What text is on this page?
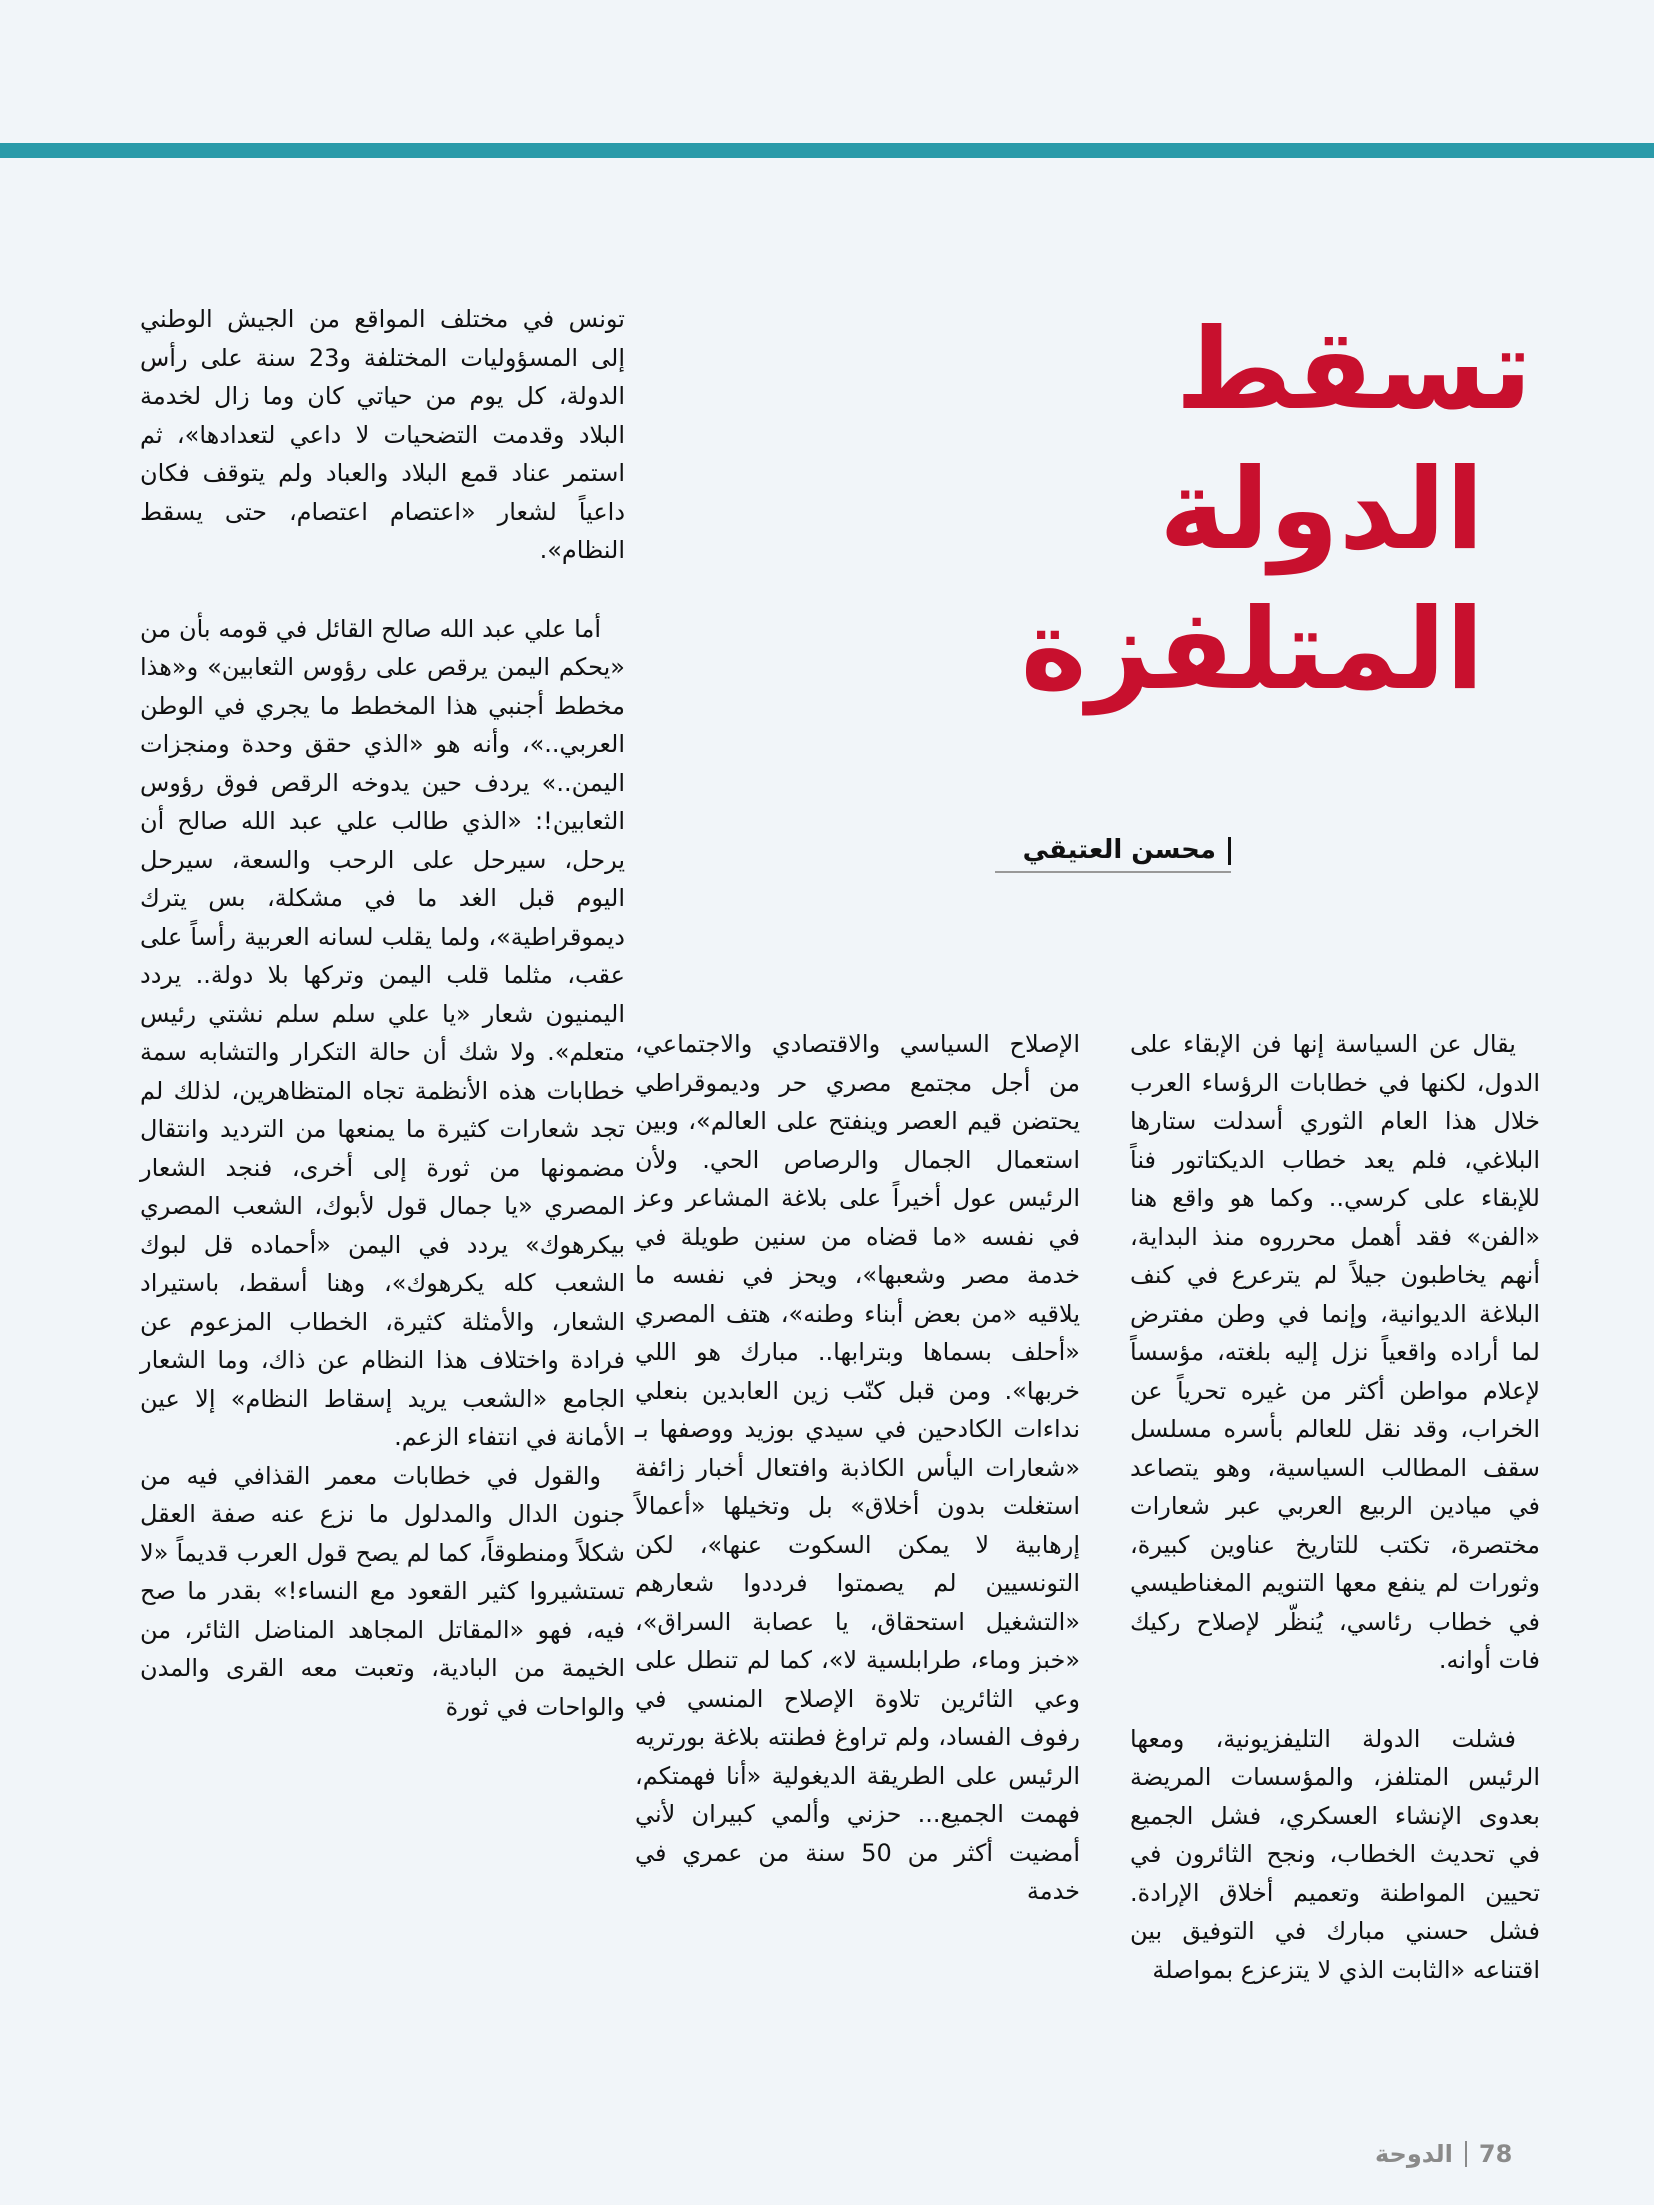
تسقط
الدولة المتلفزة
محسن العتيقي

يقال عن السياسة إنها فن الإبقاء على الدول، لكنها في خطابات الرؤساء العرب خلال هذا العام الثوري أسدلت ستارها البلاغي، فلم يعد خطاب الديكتاتور فناً للإبقاء على كرسي.. وكما هو واقع هنا «الفن» فقد أهمل محرروه منذ البداية، أنهم يخاطبون جيلاً لم يترعرع في كنف البلاغة الديوانية، وإنما في وطن مفترض لما أراده واقعياً نزل إليه بلغته، مؤسساً لإعلام مواطن أكثر من غيره تحرياً عن الخراب، وقد نقل للعالم بأسره مسلسل سقف المطالب السياسية، وهو يتصاعد في ميادين الربيع العربي عبر شعارات مختصرة، تكتب للتاريخ عناوين كبيرة، وثورات لم ينفع معها التنويم المغناطيسي في خطاب رئاسي، يُنظّر لإصلاح ركيك فات أوانه.

فشلت الدولة التليفزيونية، ومعها الرئيس المتلفز، والمؤسسات المريضة بعدوى الإنشاء العسكري، فشل الجميع في تحديث الخطاب، ونجح الثائرون في تحيين المواطنة وتعميم أخلاق الإرادة. فشل حسني مبارك في التوفيق بين اقتناعه «الثابت الذي لا يتزعزع بمواصلة

الإصلاح السياسي والاقتصادي والاجتماعي، من أجل مجتمع مصري حر وديموقراطي يحتضن قيم العصر وينفتح على العالم»، وبين استعمال الجمال والرصاص الحي. ولأن الرئيس عول أخيراً على بلاغة المشاعر وعز في نفسه «ما قضاه من سنين طويلة في خدمة مصر وشعبها»، ويحز في نفسه ما يلاقيه «من بعض أبناء وطنه»، هتف المصري «أحلف بسماها وبترابها.. مبارك هو اللي خربها». ومن قبل كنّب زين العابدين بنعلي نداءات الكادحين في سيدي بوزيد ووصفها بـ «شعارات اليأس الكاذبة وافتعال أخبار زائفة استغلت بدون أخلاق» بل وتخيلها «أعمالاً إرهابية لا يمكن السكوت عنها»، لكن التونسيين لم يصمتوا فرددوا شعارهم «التشغيل استحقاق، يا عصابة السراق»، «خبز وماء، طرابلسية لا»، كما لم تنطل على وعي الثائرين تلاوة الإصلاح المنسي في رفوف الفساد، ولم تراوغ فطنته بلاغة بورتريه الرئيس على الطريقة الديغولية «أنا فهمتكم، فهمت الجميع... حزني وألمي كبيران لأني أمضيت أكثر من 50 سنة من عمري في خدمة

تونس في مختلف المواقع من الجيش الوطني إلى المسؤوليات المختلفة و23 سنة على رأس الدولة، كل يوم من حياتي كان وما زال لخدمة البلاد وقدمت التضحيات لا داعي لتعدادها»، ثم استمر عناد قمع البلاد والعباد ولم يتوقف فكان داعياً لشعار «اعتصام اعتصام، حتى يسقط النظام».

أما علي عبد الله صالح القائل في قومه بأن من «يحكم اليمن يرقص على رؤوس الثعابين» و«هذا مخطط أجنبي هذا المخطط ما يجري في الوطن العربي..»، وأنه هو «الذي حقق وحدة ومنجزات اليمن..» يردف حين يدوخه الرقص فوق رؤوس الثعابين!: «الذي طالب علي عبد الله صالح أن يرحل، سيرحل على الرحب والسعة، سيرحل اليوم قبل الغد ما في مشكلة، بس يترك ديموقراطية»، ولما يقلب لسانه العربية رأساً على عقب، مثلما قلب اليمن وتركها بلا دولة.. يردد اليمنيون شعار «يا علي سلم سلم نشتي رئيس متعلم». ولا شك أن حالة التكرار والتشابه سمة خطابات هذه الأنظمة تجاه المتظاهرين، لذلك لم تجد شعارات كثيرة ما يمنعها من الترديد وانتقال مضمونها من ثورة إلى أخرى، فنجد الشعار المصري «يا جمال قول لأبوك، الشعب المصري بيكرهوك» يردد في اليمن «أحماده قل لبوك الشعب كله يكرهوك»، وهنا أسقط، باستيراد الشعار، والأمثلة كثيرة، الخطاب المزعوم عن فرادة واختلاف هذا النظام عن ذاك، وما الشعار الجامع «الشعب يريد إسقاط النظام» إلا عين الأمانة في انتفاء الزعم.

والقول في خطابات معمر القذافي فيه من جنون الدال والمدلول ما نزع عنه صفة العقل شكلاً ومنطوقاً، كما لم يصح قول العرب قديماً «لا تستشيروا كثير القعود مع النساء!» بقدر ما صح فيه، فهو «المقاتل المجاهد المناضل الثائر، من الخيمة من البادية، وتعبت معه القرى والمدن والواحات في ثورة

78
الدوحة
